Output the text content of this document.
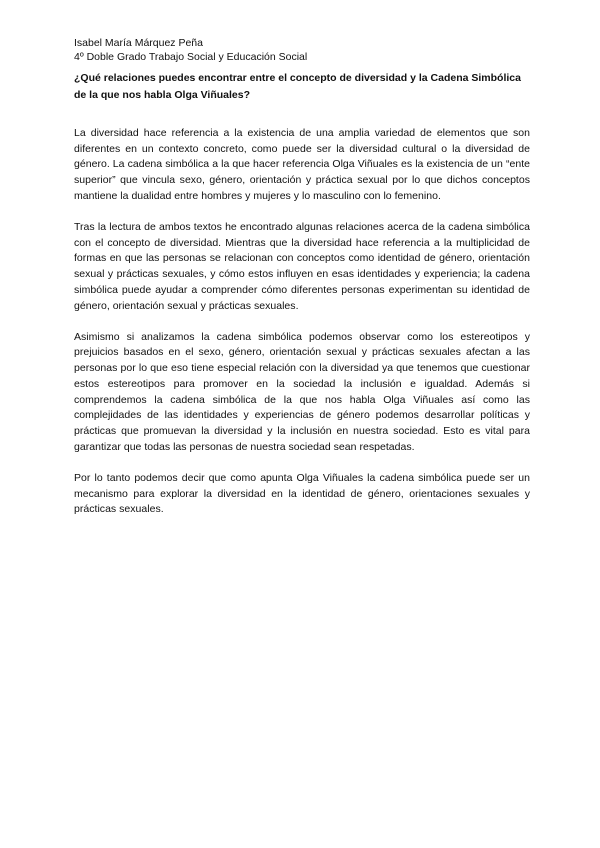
Isabel María Márquez Peña

4º Doble Grado Trabajo Social y Educación Social

¿Qué relaciones puedes encontrar entre el concepto de diversidad y la Cadena Simbólica de la que nos habla Olga Viñuales?

La diversidad hace referencia a la existencia de una amplia variedad de elementos que son diferentes en un contexto concreto, como puede ser la diversidad cultural o la diversidad de género. La cadena simbólica a la que hacer referencia Olga Viñuales es la existencia de un “ente superior” que vincula sexo, género, orientación y práctica sexual por lo que dichos conceptos mantiene la dualidad entre hombres y mujeres y lo masculino con lo femenino.

Tras la lectura de ambos textos he encontrado algunas relaciones acerca de la cadena simbólica con el concepto de diversidad. Mientras que la diversidad hace referencia a la multiplicidad de formas en que las personas se relacionan con conceptos como identidad de género, orientación sexual y prácticas sexuales, y cómo estos influyen en esas identidades y experiencia; la cadena simbólica puede ayudar a comprender cómo diferentes personas experimentan su identidad de género, orientación sexual y prácticas sexuales.

Asimismo si analizamos la cadena simbólica podemos observar como los estereotipos y prejuicios basados en el sexo, género, orientación sexual y prácticas sexuales afectan a las personas por lo que eso tiene especial relación con la diversidad ya que tenemos que cuestionar estos estereotipos para promover en la sociedad la inclusión e igualdad. Además si comprendemos la cadena simbólica de la que nos habla Olga Viñuales así como las complejidades de las identidades y experiencias de género podemos desarrollar políticas y prácticas que promuevan la diversidad y la inclusión en nuestra sociedad. Esto es vital para garantizar que todas las personas de nuestra sociedad sean respetadas.

Por lo tanto podemos decir que como apunta Olga Viñuales la cadena simbólica puede ser un mecanismo para explorar la diversidad en la identidad de género, orientaciones sexuales y prácticas sexuales.
